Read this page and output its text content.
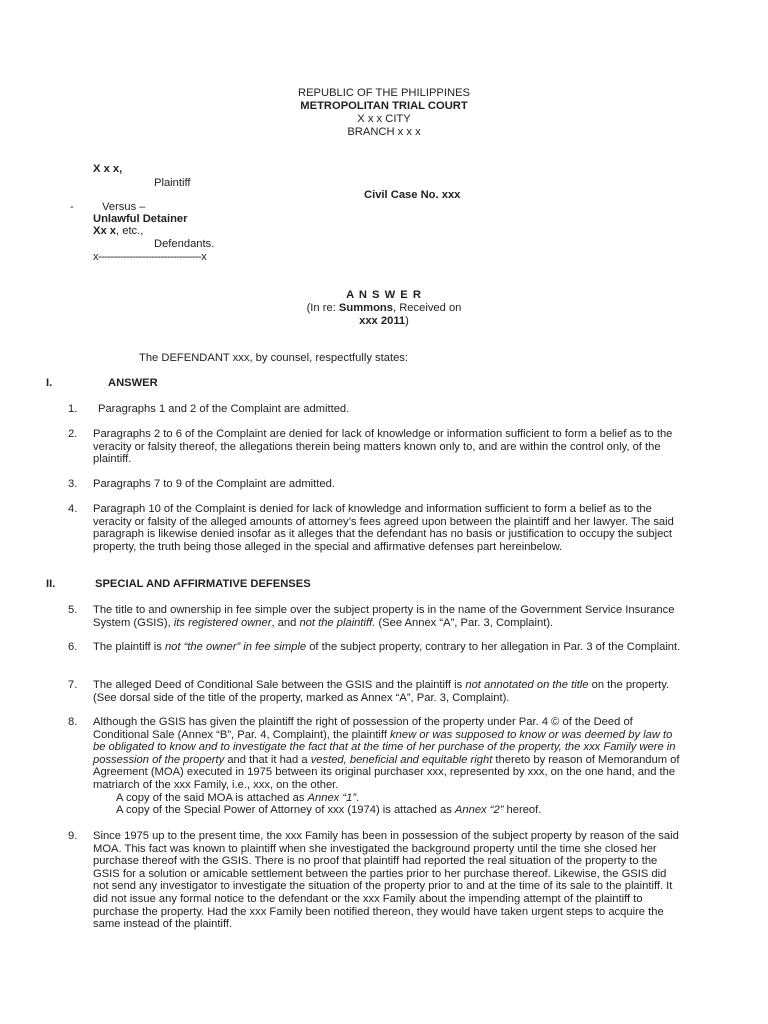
REPUBLIC OF THE PHILIPPINES
METROPOLITAN TRIAL COURT
X x x CITY
BRANCH x x x
X x x,
Plaintiff
Civil Case No. xxx
-	Versus –
Unlawful Detainer
Xx x, etc.,
Defendants.
x---------------------------------x
A N S W E R
(In re: Summons, Received on
xxx 2011)
The DEFENDANT xxx, by counsel, respectfully states:
I.	ANSWER
1. Paragraphs 1 and 2 of the Complaint are admitted.
2. Paragraphs 2 to 6 of the Complaint are denied for lack of knowledge or information sufficient to form a belief as to the veracity or falsity thereof, the allegations therein being matters known only to, and are within the control only, of the plaintiff.
3. Paragraphs 7 to 9 of the Complaint are admitted.
4. Paragraph 10 of the Complaint is denied for lack of knowledge and information sufficient to form a belief as to the veracity or falsity of the alleged amounts of attorney’s fees agreed upon between the plaintiff and her lawyer. The said paragraph is likewise denied insofar as it alleges that the defendant has no basis or justification to occupy the subject property, the truth being those alleged in the special and affirmative defenses part hereinbelow.
II.	SPECIAL AND AFFIRMATIVE DEFENSES
5. The title to and ownership in fee simple over the subject property is in the name of the Government Service Insurance System (GSIS), its registered owner, and not the plaintiff. (See Annex “A”, Par. 3, Complaint).
6. The plaintiff is not “the owner” in fee simple of the subject property, contrary to her allegation in Par. 3 of the Complaint.
7. The alleged Deed of Conditional Sale between the GSIS and the plaintiff is not annotated on the title on the property. (See dorsal side of the title of the property, marked as Annex “A”, Par. 3, Complaint).
8. Although the GSIS has given the plaintiff the right of possession of the property under Par. 4 © of the Deed of Conditional Sale (Annex “B”, Par. 4, Complaint), the plaintiff knew or was supposed to know or was deemed by law to be obligated to know and to investigate the fact that at the time of her purchase of the property, the xxx Family were in possession of the property and that it had a vested, beneficial and equitable right thereto by reason of Memorandum of Agreement (MOA) executed in 1975 between its original purchaser xxx, represented by xxx, on the one hand, and the matriarch of the xxx Family, i.e., xxx, on the other.

A copy of the said MOA is attached as Annex “1”.

A copy of the Special Power of Attorney of xxx (1974) is attached as Annex “2” hereof.

9. Since 1975 up to the present time, the xxx Family has been in possession of the subject property by reason of the said MOA. This fact was known to plaintiff when she investigated the background property until the time she closed her purchase thereof with the GSIS. There is no proof that plaintiff had reported the real situation of the property to the GSIS for a solution or amicable settlement between the parties prior to her purchase thereof. Likewise, the GSIS did not send any investigator to investigate the situation of the property prior to and at the time of its sale to the plaintiff. It did not issue any formal notice to the defendant or the xxx Family about the impending attempt of the plaintiff to purchase the property. Had the xxx Family been notified thereon, they would have taken urgent steps to acquire the same instead of the plaintiff.
